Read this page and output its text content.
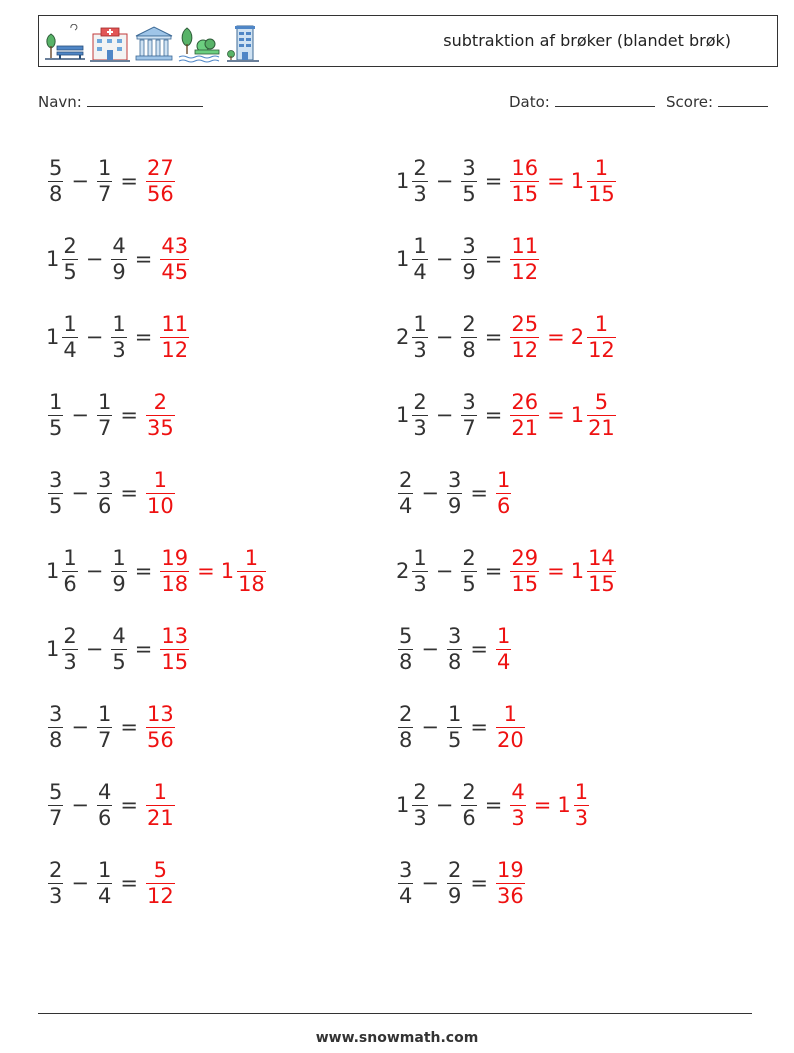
subtraktion af brøker (blandet brøk)
Navn:	Dato:	Score:
$\frac{5}{8} - \frac{1}{7} = \frac{27}{56}$
$1 \frac{2}{5} - \frac{4}{9} = \frac{43}{45}$
$1 \frac{1}{4} - \frac{1}{3} = \frac{11}{12}$
$\frac{1}{5} - \frac{1}{7} = \frac{2}{35}$
$\frac{3}{5} - \frac{3}{6} = \frac{1}{10}$
$1 \frac{1}{6} - \frac{1}{9} = \frac{19}{18} = 1 \frac{1}{18}$
$1 \frac{2}{3} - \frac{4}{5} = \frac{13}{15}$
$\frac{3}{8} - \frac{1}{7} = \frac{13}{56}$
$\frac{5}{7} - \frac{4}{6} = \frac{1}{21}$
$\frac{2}{3} - \frac{1}{4} = \frac{5}{12}$
$1 \frac{2}{3} - \frac{3}{5} = \frac{16}{15} = 1 \frac{1}{15}$
$1 \frac{1}{4} - \frac{3}{9} = \frac{11}{12}$
$2 \frac{1}{3} - \frac{2}{8} = \frac{25}{12} = 2 \frac{1}{12}$
$1 \frac{2}{3} - \frac{3}{7} = \frac{26}{21} = 1 \frac{5}{21}$
$\frac{2}{4} - \frac{3}{9} = \frac{1}{6}$
$2 \frac{1}{3} - \frac{2}{5} = \frac{29}{15} = 1 \frac{14}{15}$
$\frac{5}{8} - \frac{3}{8} = \frac{1}{4}$
$\frac{2}{8} - \frac{1}{5} = \frac{1}{20}$
$1 \frac{2}{3} - \frac{2}{6} = \frac{4}{3} = 1 \frac{1}{3}$
$\frac{3}{4} - \frac{2}{9} = \frac{19}{36}$
www.snowmath.com
